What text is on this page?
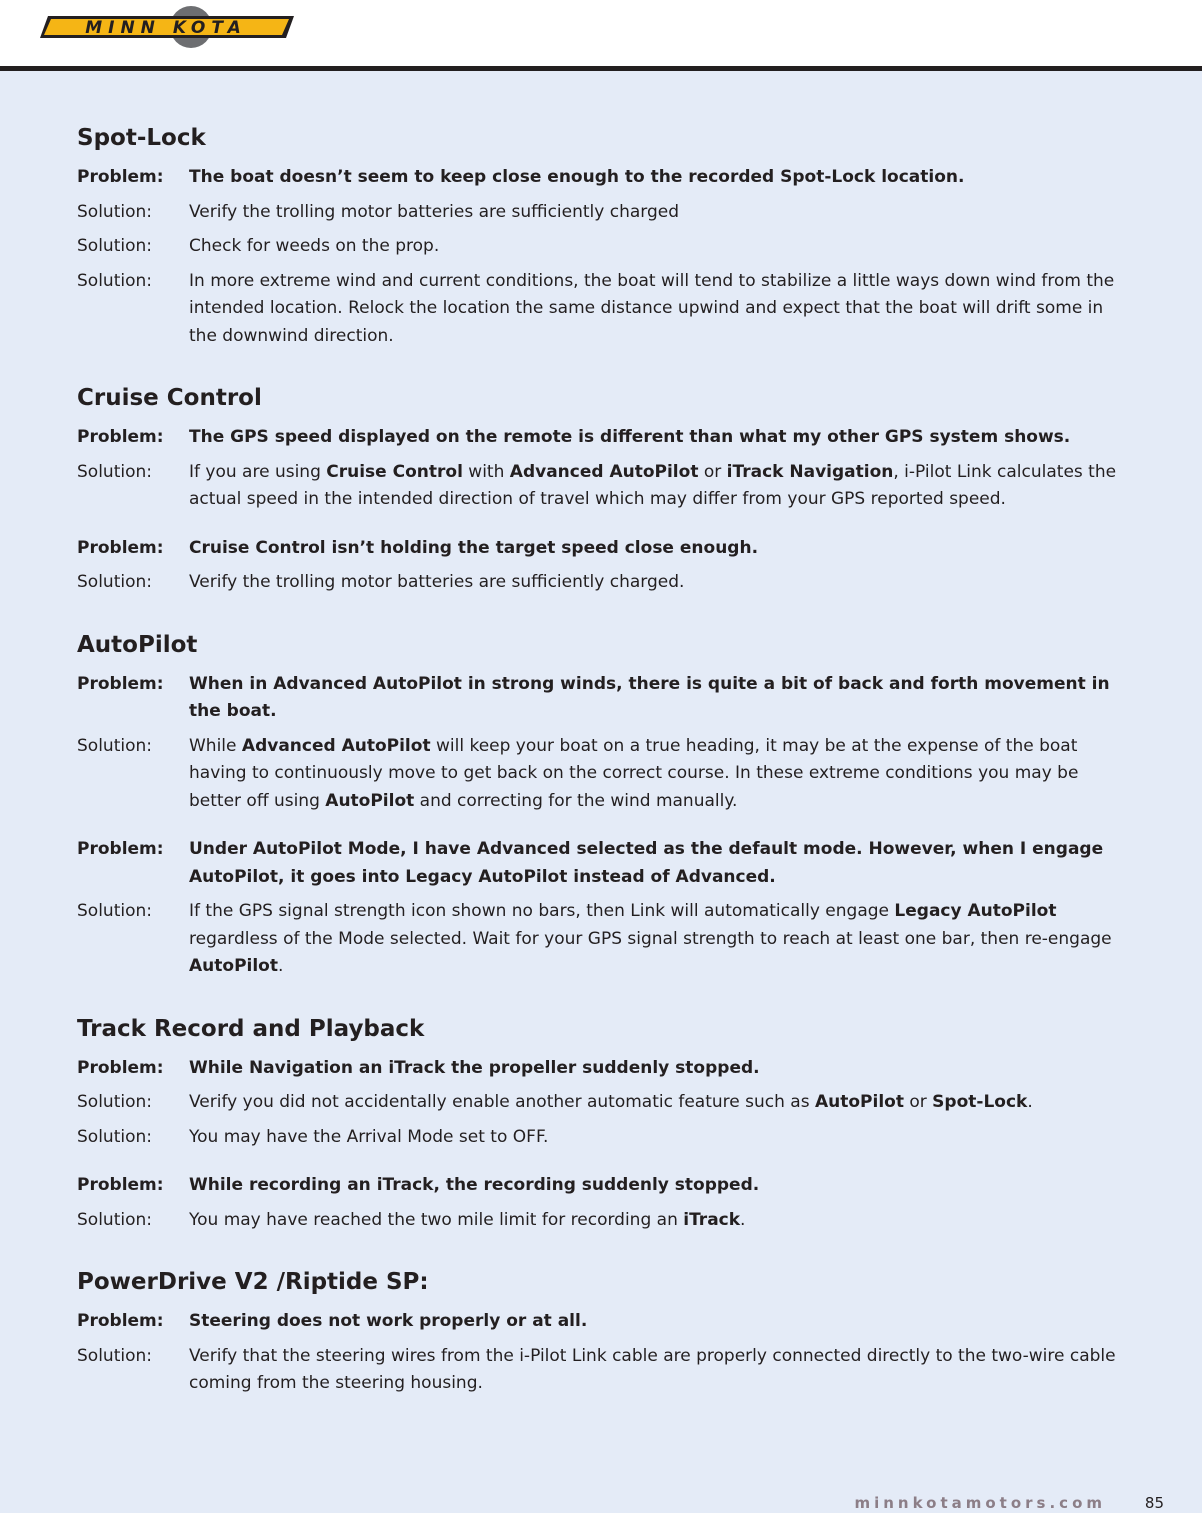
MINN KOTA
Spot-Lock
Problem:	The boat doesn’t seem to keep close enough to the recorded Spot-Lock location.
Solution:	Verify the trolling motor batteries are sufficiently charged
Solution:	Check for weeds on the prop.
Solution:	In more extreme wind and current conditions, the boat will tend to stabilize a little ways down wind from the intended location. Relock the location the same distance upwind and expect that the boat will drift some in the downwind direction.
Cruise Control
Problem:	The GPS speed displayed on the remote is different than what my other GPS system shows.
Solution:	If you are using Cruise Control with Advanced AutoPilot or iTrack Navigation, i-Pilot Link calculates the actual speed in the intended direction of travel which may differ from your GPS reported speed.
Problem:	Cruise Control isn’t holding the target speed close enough.
Solution:	Verify the trolling motor batteries are sufficiently charged.
AutoPilot
Problem:	When in Advanced AutoPilot in strong winds, there is quite a bit of back and forth movement in the boat.
Solution:	While Advanced AutoPilot will keep your boat on a true heading, it may be at the expense of the boat having to continuously move to get back on the correct course. In these extreme conditions you may be better off using AutoPilot and correcting for the wind manually.
Problem:	Under AutoPilot Mode, I have Advanced selected as the default mode. However, when I engage AutoPilot, it goes into Legacy AutoPilot instead of Advanced.
Solution:	If the GPS signal strength icon shown no bars, then Link will automatically engage Legacy AutoPilot regardless of the Mode selected. Wait for your GPS signal strength to reach at least one bar, then re-engage AutoPilot.
Track Record and Playback
Problem:	While Navigation an iTrack the propeller suddenly stopped.
Solution:	Verify you did not accidentally enable another automatic feature such as AutoPilot or Spot-Lock.
Solution:	You may have the Arrival Mode set to OFF.
Problem:	While recording an iTrack, the recording suddenly stopped.
Solution:	You may have reached the two mile limit for recording an iTrack.
PowerDrive V2 /Riptide SP:
Problem:	Steering does not work properly or at all.
Solution:	Verify that the steering wires from the i-Pilot Link cable are properly connected directly to the two-wire cable coming from the steering housing.
minnkotamotors.com	85
